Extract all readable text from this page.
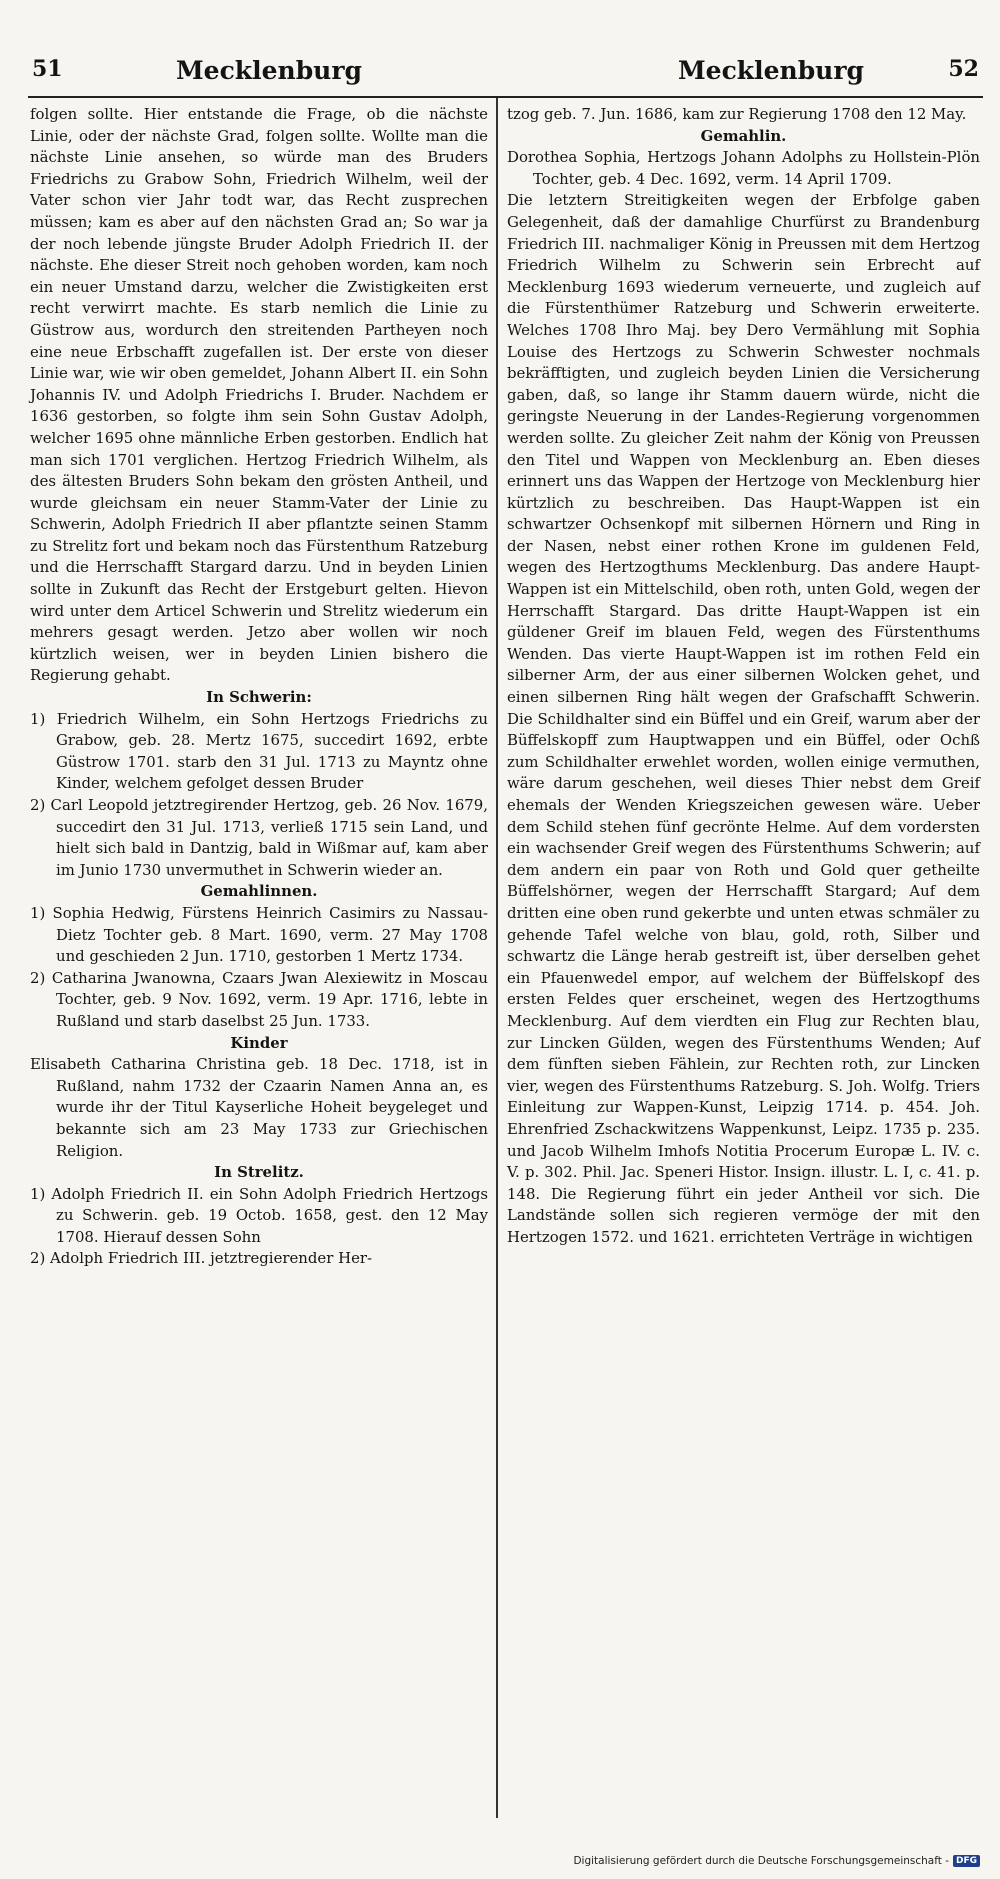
51	Mecklenburg	Mecklenburg	52

folgen sollte. Hier entstande die Frage, ob die nächste Linie, oder der nächste Grad, folgen sollte. Wollte man die nächste Linie ansehen, so würde man des Bruders Friedrichs zu Grabow Sohn, Friedrich Wilhelm, weil der Vater schon vier Jahr todt war, das Recht zusprechen müssen; kam es aber auf den nächsten Grad an; So war ja der noch lebende jüngste Bruder Adolph Friedrich II. der nächste. Ehe dieser Streit noch gehoben worden, kam noch ein neuer Umstand darzu, welcher die Zwistigkeiten erst recht verwirrt machte. Es starb nemlich die Linie zu Güstrow aus, wordurch den streitenden Partheyen noch eine neue Erbschafft zugefallen ist. Der erste von dieser Linie war, wie wir oben gemeldet, Johann Albert II. ein Sohn Johannis IV. und Adolph Friedrichs I. Bruder. Nachdem er 1636 gestorben, so folgte ihm sein Sohn Gustav Adolph, welcher 1695 ohne männliche Erben gestorben. Endlich hat man sich 1701 verglichen. Hertzog Friedrich Wilhelm, als des ältesten Bruders Sohn bekam den grösten Antheil, und wurde gleichsam ein neuer Stamm-Vater der Linie zu Schwerin, Adolph Friedrich II aber pflantzte seinen Stamm zu Strelitz fort und bekam noch das Fürstenthum Ratzeburg und die Herrschafft Stargard darzu. Und in beyden Linien sollte in Zukunft das Recht der Erstgeburt gelten. Hievon wird unter dem Articel Schwerin und Strelitz wiederum ein mehrers gesagt werden. Jetzo aber wollen wir noch kürtzlich weisen, wer in beyden Linien bishero die Regierung gehabt.

In Schwerin:

1) Friedrich Wilhelm, ein Sohn Hertzogs Friedrichs zu Grabow, geb. 28. Mertz 1675, succedirt 1692, erbte Güstrow 1701. starb den 31 Jul. 1713 zu Mayntz ohne Kinder, welchem gefolget dessen Bruder

2) Carl Leopold jetztregirender Hertzog, geb. 26 Nov. 1679, succedirt den 31 Jul. 1713, verließ 1715 sein Land, und hielt sich bald in Dantzig, bald in Wißmar auf, kam aber im Junio 1730 unvermuthet in Schwerin wieder an.

Gemahlinnen.

1) Sophia Hedwig, Fürstens Heinrich Casimirs zu Nassau-Dietz Tochter geb. 8 Mart. 1690, verm. 27 May 1708 und geschieden 2 Jun. 1710, gestorben 1 Mertz 1734.

2) Catharina Jwanowna, Czaars Jwan Alexiewitz in Moscau Tochter, geb. 9 Nov. 1692, verm. 19 Apr. 1716, lebte in Rußland und starb daselbst 25 Jun. 1733.

Kinder

Elisabeth Catharina Christina geb. 18 Dec. 1718, ist in Rußland, nahm 1732 der Czaarin Namen Anna an, es wurde ihr der Titul Kayserliche Hoheit beygeleget und bekannte sich am 23 May 1733 zur Griechischen Religion.

In Strelitz.

1) Adolph Friedrich II. ein Sohn Adolph Friedrich Hertzogs zu Schwerin. geb. 19 Octob. 1658, gest. den 12 May 1708. Hierauf dessen Sohn

2) Adolph Friedrich III. jetztregierender Her-

tzog geb. 7. Jun. 1686, kam zur Regierung 1708 den 12 May.

Gemahlin.

Dorothea Sophia, Hertzogs Johann Adolphs zu Hollstein-Plön Tochter, geb. 4 Dec. 1692, verm. 14 April 1709.

Die letztern Streitigkeiten wegen der Erbfolge gaben Gelegenheit, daß der damahlige Churfürst zu Brandenburg Friedrich III. nachmaliger König in Preussen mit dem Hertzog Friedrich Wilhelm zu Schwerin sein Erbrecht auf Mecklenburg 1693 wiederum verneuerte, und zugleich auf die Fürstenthümer Ratzeburg und Schwerin erweiterte. Welches 1708 Ihro Maj. bey Dero Vermählung mit Sophia Louise des Hertzogs zu Schwerin Schwester nochmals bekräfftigten, und zugleich beyden Linien die Versicherung gaben, daß, so lange ihr Stamm dauern würde, nicht die geringste Neuerung in der Landes-Regierung vorgenommen werden sollte. Zu gleicher Zeit nahm der König von Preussen den Titel und Wappen von Mecklenburg an. Eben dieses erinnert uns das Wappen der Hertzoge von Mecklenburg hier kürtzlich zu beschreiben. Das Haupt-Wappen ist ein schwartzer Ochsenkopf mit silbernen Hörnern und Ring in der Nasen, nebst einer rothen Krone im guldenen Feld, wegen des Hertzogthums Mecklenburg. Das andere Haupt-Wappen ist ein Mittelschild, oben roth, unten Gold, wegen der Herrschafft Stargard. Das dritte Haupt-Wappen ist ein güldener Greif im blauen Feld, wegen des Fürstenthums Wenden. Das vierte Haupt-Wappen ist im rothen Feld ein silberner Arm, der aus einer silbernen Wolcken gehet, und einen silbernen Ring hält wegen der Grafschafft Schwerin. Die Schildhalter sind ein Büffel und ein Greif, warum aber der Büffelskopff zum Hauptwappen und ein Büffel, oder Ochß zum Schildhalter erwehlet worden, wollen einige vermuthen, wäre darum geschehen, weil dieses Thier nebst dem Greif ehemals der Wenden Kriegszeichen gewesen wäre. Ueber dem Schild stehen fünf gecrönte Helme. Auf dem vordersten ein wachsender Greif wegen des Fürstenthums Schwerin; auf dem andern ein paar von Roth und Gold quer getheilte Büffelshörner, wegen der Herrschafft Stargard; Auf dem dritten eine oben rund gekerbte und unten etwas schmäler zu gehende Tafel welche von blau, gold, roth, Silber und schwartz die Länge herab gestreift ist, über derselben gehet ein Pfauenwedel empor, auf welchem der Büffelskopf des ersten Feldes quer erscheinet, wegen des Hertzogthums Mecklenburg. Auf dem vierdten ein Flug zur Rechten blau, zur Lincken Gülden, wegen des Fürstenthums Wenden; Auf dem fünften sieben Fählein, zur Rechten roth, zur Lincken vier, wegen des Fürstenthums Ratzeburg. S. Joh. Wolfg. Triers Einleitung zur Wappen-Kunst, Leipzig 1714. p. 454. Joh. Ehrenfried Zschackwitzens Wappenkunst, Leipz. 1735 p. 235. und Jacob Wilhelm Imhofs Notitia Procerum Europæ L. IV. c. V. p. 302. Phil. Jac. Speneri Histor. Insign. illustr. L. I, c. 41. p. 148. Die Regierung führt ein jeder Antheil vor sich. Die Landstände sollen sich regieren vermöge der mit den Hertzogen 1572. und 1621. errichteten Verträge in wichtigen

Digitalisierung gefördert durch die Deutsche Forschungsgemeinschaft - DFG
